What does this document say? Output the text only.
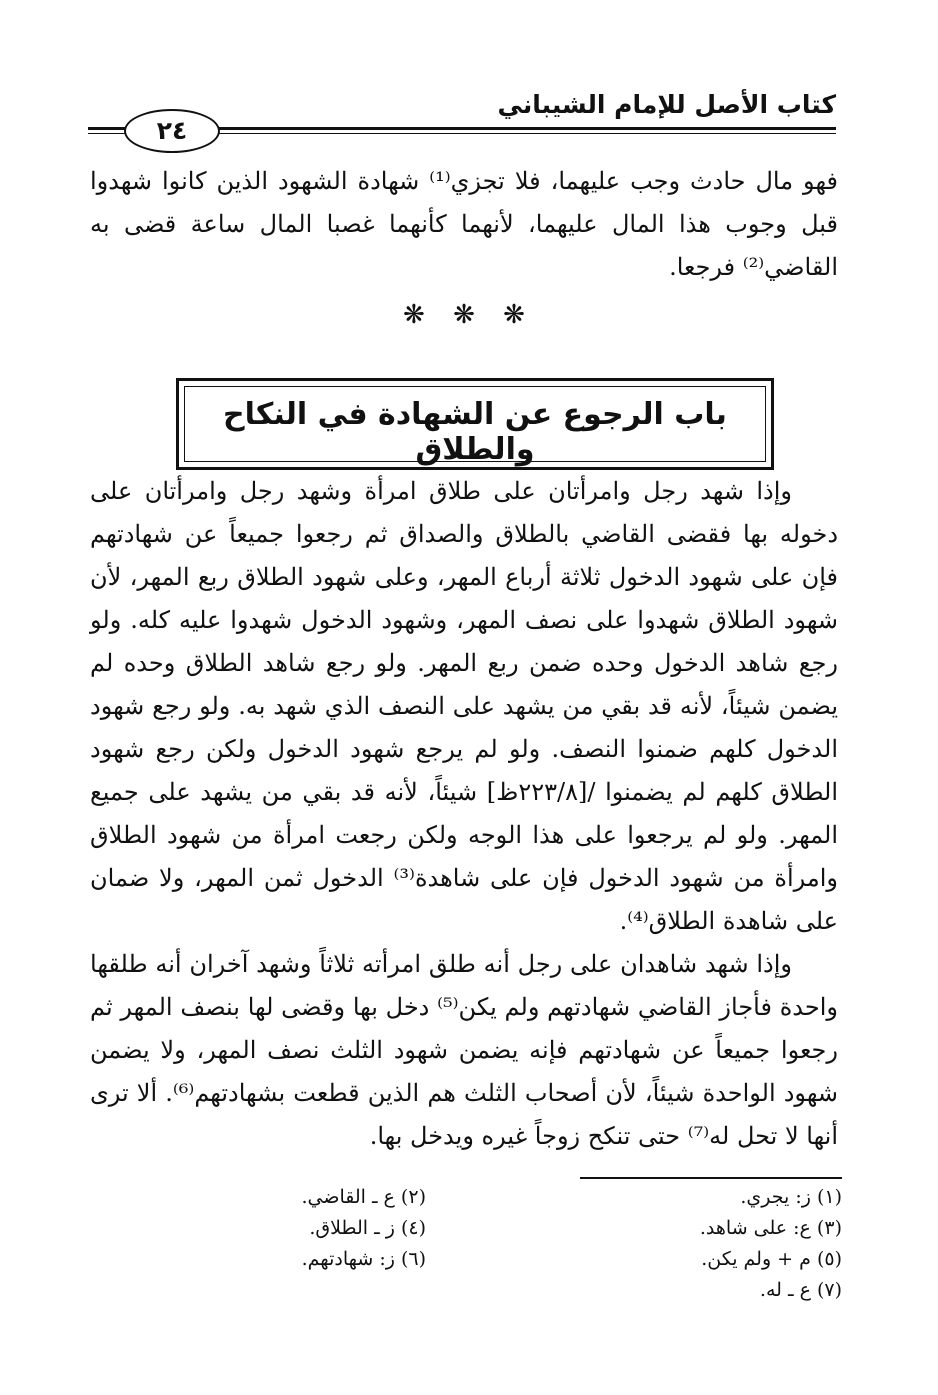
كتاب الأصل للإمام الشيباني
٢٤

فهو مال حادث وجب عليهما، فلا تجزي⁽¹⁾ شهادة الشهود الذين كانوا شهدوا قبل وجوب هذا المال عليهما، لأنهما كأنهما غصبا المال ساعة قضى به القاضي⁽²⁾ فرجعا.

❋ ❋ ❋
باب الرجوع عن الشهادة في النكاح والطلاق

وإذا شهد رجل وامرأتان على طلاق امرأة وشهد رجل وامرأتان على دخوله بها فقضى القاضي بالطلاق والصداق ثم رجعوا جميعاً عن شهادتهم فإن على شهود الدخول ثلاثة أرباع المهر، وعلى شهود الطلاق ربع المهر، لأن شهود الطلاق شهدوا على نصف المهر، وشهود الدخول شهدوا عليه كله. ولو رجع شاهد الدخول وحده ضمن ربع المهر. ولو رجع شاهد الطلاق وحده لم يضمن شيئاً، لأنه قد بقي من يشهد على النصف الذي شهد به. ولو رجع شهود الدخول كلهم ضمنوا النصف. ولو لم يرجع شهود الدخول ولكن رجع شهود الطلاق كلهم لم يضمنوا /[٢٢٣/٨ظ] شيئاً، لأنه قد بقي من يشهد على جميع المهر. ولو لم يرجعوا على هذا الوجه ولكن رجعت امرأة من شهود الطلاق وامرأة من شهود الدخول فإن على شاهدة⁽³⁾ الدخول ثمن المهر، ولا ضمان على شاهدة الطلاق⁽⁴⁾.

وإذا شهد شاهدان على رجل أنه طلق امرأته ثلاثاً وشهد آخران أنه طلقها واحدة فأجاز القاضي شهادتهم ولم يكن⁽⁵⁾ دخل بها وقضى لها بنصف المهر ثم رجعوا جميعاً عن شهادتهم فإنه يضمن شهود الثلث نصف المهر، ولا يضمن شهود الواحدة شيئاً، لأن أصحاب الثلث هم الذين قطعت بشهادتهم⁽⁶⁾. ألا ترى أنها لا تحل له⁽⁷⁾ حتى تنكح زوجاً غيره ويدخل بها.

(١) ز: يجري.(٢) ع ـ القاضي.(٣) ع: على شاهد.(٤) ز ـ الطلاق.(٥) م + ولم يكن.(٦) ز: شهادتهم.(٧) ع ـ له.
